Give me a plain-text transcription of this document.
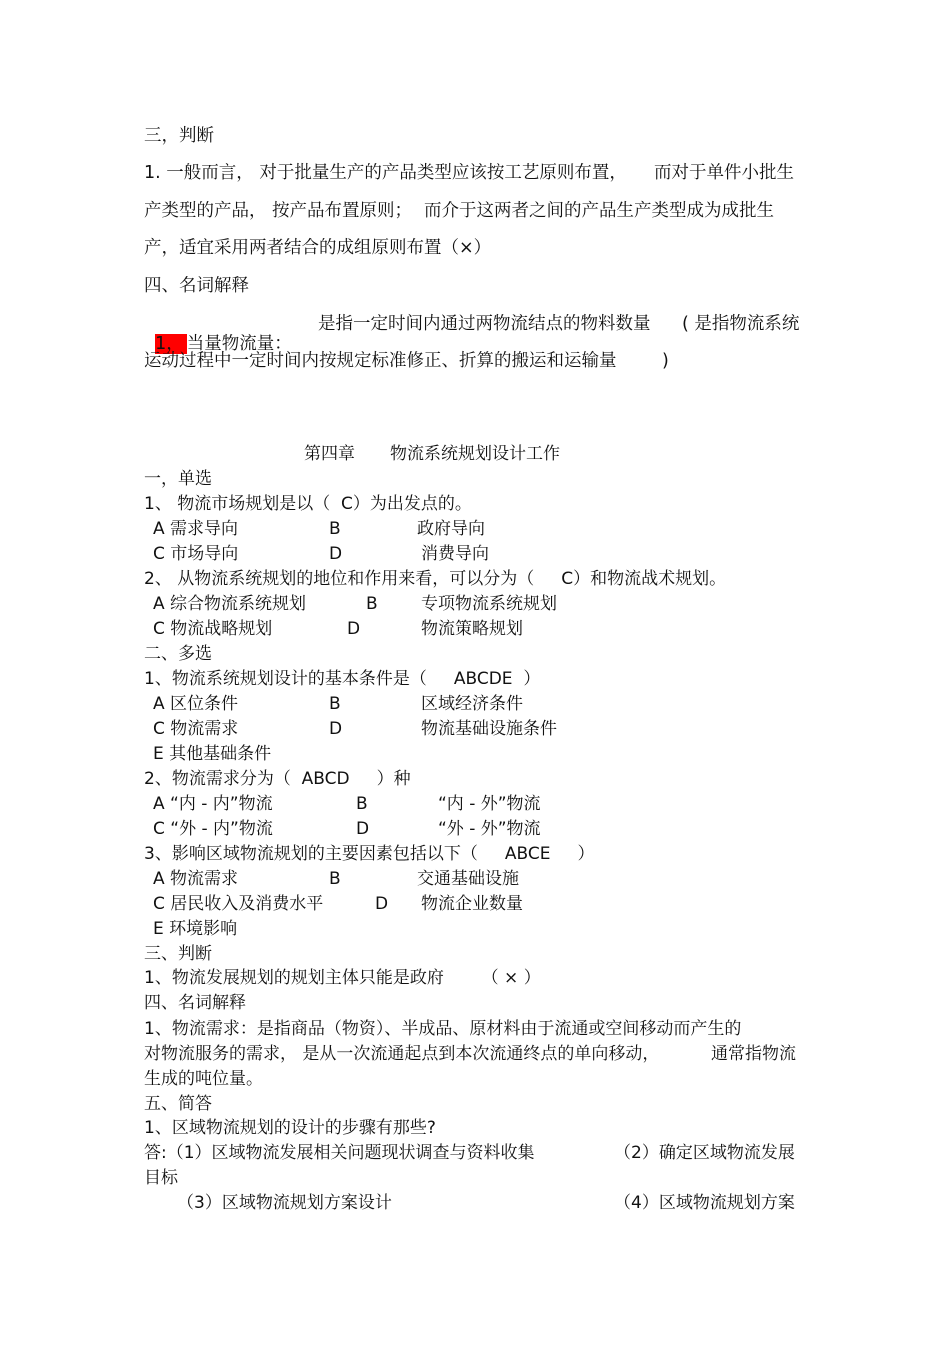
三，判断
1. 一般而言， 对于批量生产的产品类型应该按工艺原则布置， 而对于单件小批生
产类型的产品， 按产品布置原则； 而介于这两者之间的产品生产类型成为成批生
产，适宜采用两者结合的成组原则布置（×）
四、名词解释

1， 当量物流量：

是指一定时间内通过两物流结点的物料数量 ( 是指物流系统
运动过程中一定时间内按规定标准修正、折算的搬运和运输量	)
第四章 物流系统规划设计工作
一，单选
1、 物流市场规划是以（  C）为出发点的。
A 需求导向	B	政府导向
C 市场导向	D	消费导向
2、 从物流系统规划的地位和作用来看，可以分为（     C）和物流战术规划。
A 综合物流系统规划	B	专项物流系统规划
C 物流战略规划	D	物流策略规划
二、多选
1、物流系统规划设计的基本条件是（     ABCDE  ）
A 区位条件	B	区域经济条件
C 物流需求	D	物流基础设施条件
E 其他基础条件
2、物流需求分为（  ABCD     ）种
A “内 - 内”物流	B	“内 - 外”物流
C “外 - 内”物流	D	“外 - 外”物流
3、影响区域物流规划的主要因素包括以下（     ABCE     ）
A 物流需求	B	交通基础设施
C 居民收入及消费水平	D 物流企业数量
E 环境影响
三、判断
1、物流发展规划的规划主体只能是政府       （ × ）
四、名词解释
1、物流需求：是指商品（物资）、半成品、原材料由于流通或空间移动而产生的
对物流服务的需求， 是从一次流通起点到本次流通终点的单向移动，	通常指物流
生成的吨位量。
五、简答
1、区域物流规划的设计的步骤有那些?
答:（1）区域物流发展相关问题现状调查与资料收集	（2）确定区域物流发展
目标
（3）区域物流规划方案设计	（4）区域物流规划方案
